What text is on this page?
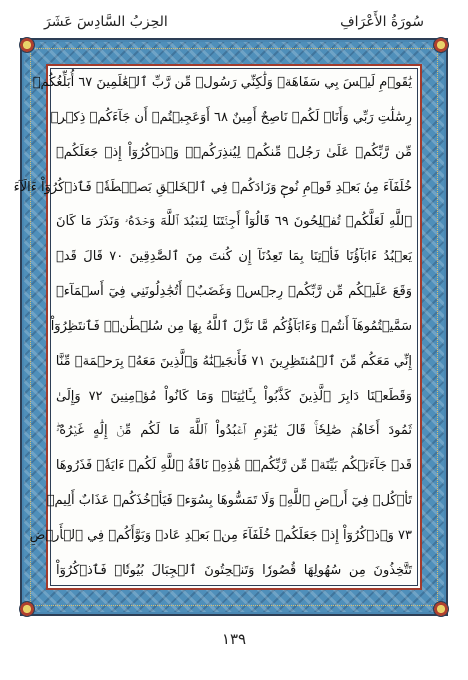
سُورَةُ الأَعْرَافِ
الحِزبُ السَّادِسَ عَشَرَ
يَٰقَوۡمِ لَيۡسَ بِي سَفَاهَةٞ وَلَٰكِنِّي رَسُولٞ مِّن رَّبِّ ٱلۡعَٰلَمِينَ ٦٧ أُبَلِّغُكُمۡ
رِسَٰلَٰتِ رَبِّي وَأَنَا۠ لَكُمۡ نَاصِحٌ أَمِينٌ ٦٨ أَوَعَجِبۡتُمۡ أَن جَآءَكُمۡ ذِكۡرٞ
مِّن رَّبِّكُمۡ عَلَىٰ رَجُلٖ مِّنكُمۡ لِيُنذِرَكُمۡۚ وَٱذۡكُرُوٓاْ إِذۡ جَعَلَكُمۡ
خُلَفَآءَ مِنۢ بَعۡدِ قَوۡمِ نُوحٖ وَزَادَكُمۡ فِي ٱلۡخَلۡقِ بَصۜۡطَةٗۖ فَٱذۡكُرُوٓاْ ءَالَآءَ
ٱللَّهِ لَعَلَّكُمۡ تُفۡلِحُونَ ٦٩ قَالُوٓاْ أَجِئۡتَنَا لِنَعۡبُدَ ٱللَّهَ وَحۡدَهُۥ وَنَذَرَ مَا كَانَ
يَعۡبُدُ ءَابَآؤُنَا فَأۡتِنَا بِمَا تَعِدُنَآ إِن كُنتَ مِنَ ٱلصَّٰدِقِينَ ٧٠ قَالَ قَدۡ
وَقَعَ عَلَيۡكُم مِّن رَّبِّكُمۡ رِجۡسٞ وَغَضَبٌۖ أَتُجَٰدِلُونَنِي فِيٓ أَسۡمَآءٖ
سَمَّيۡتُمُوهَآ أَنتُمۡ وَءَابَآؤُكُم مَّا نَزَّلَ ٱللَّهُ بِهَا مِن سُلۡطَٰنٖۚ فَٱنتَظِرُوٓاْ
إِنِّي مَعَكُم مِّنَ ٱلۡمُنتَظِرِينَ ٧١ فَأَنجَيۡنَٰهُ وَٱلَّذِينَ مَعَهُۥ بِرَحۡمَةٖ مِّنَّا
وَقَطَعۡنَا دَابِرَ ٱلَّذِينَ كَذَّبُواْ بِـَٔايَٰتِنَاۖ وَمَا كَانُواْ مُؤۡمِنِينَ ٧٢ وَإِلَىٰ
ثَمُودَ أَخَاهُمۡ صَٰلِحٗاۚ قَالَ يَٰقَوۡمِ ٱعۡبُدُواْ ٱللَّهَ مَا لَكُم مِّنۡ إِلَٰهٍ غَيۡرُهُۥۖ
قَدۡ جَآءَتۡكُم بَيِّنَةٞ مِّن رَّبِّكُمۡۖ هَٰذِهِۦ نَاقَةُ ٱللَّهِ لَكُمۡ ءَايَةٗۖ فَذَرُوهَا
تَأۡكُلۡ فِيٓ أَرۡضِ ٱللَّهِۖ وَلَا تَمَسُّوهَا بِسُوٓءٖ فَيَأۡخُذَكُمۡ عَذَابٌ أَلِيمٞ
٧٣ وَٱذۡكُرُوٓاْ إِذۡ جَعَلَكُمۡ خُلَفَآءَ مِنۢ بَعۡدِ عَادٖ وَبَوَّأَكُمۡ فِي ٱلۡأَرۡضِ
تَتَّخِذُونَ مِن سُهُولِهَا قُصُورٗا وَتَنۡحِتُونَ ٱلۡجِبَالَ بُيُوتٗاۖ فَٱذۡكُرُوٓاْ
١٣٩
